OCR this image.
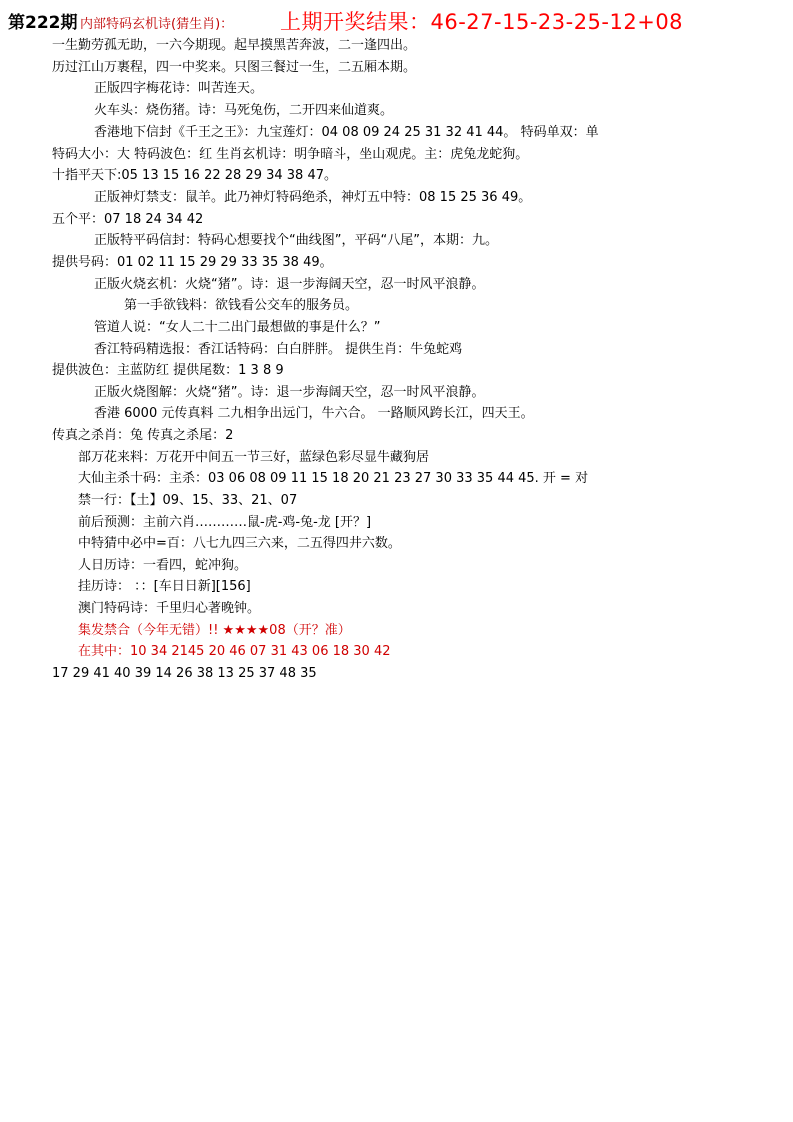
第222期 内部特码玄机诗(猜生肖)： 上期开奖结果：46-27-15-23-25-12+08
一生勤劳孤无助，一六今期现。起早摸黑苦奔波，二一逢四出。
历过江山万裹程，四一中奖来。只图三餐过一生，二五厢本期。
正版四字梅花诗：叫苦连天。
火车头：烧伤猪。诗：马死兔伤，二开四来仙道爽。
香港地下信封《千王之王》：九宝莲灯：04 08 09 24 25 31 32 41 44。 特码单双：单
特码大小：大 特码波色：红 生肖玄机诗：明争暗斗，坐山观虎。主：虎兔龙蛇狗。
十指平天下:05 13 15 16 22 28 29 34 38 47。
正版神灯禁支：鼠羊。此乃神灯特码绝杀，神灯五中特：08 15 25 36 49。
五个平：07 18 24 34 42
正版特平码信封：特码心想要找个“曲线图”，平码“八尾”，本期：九。
提供号码：01 02 11 15 29 29 33 35 38 49。
正版火烧玄机：火烧“猪”。诗：退一步海阔天空，忍一时风平浪静。
第一手欲钱料：欲钱看公交车的服务员。
管道人说：“女人二十二出门最想做的事是什么？”
香江特码精选报：香江话特码：白白胖胖。 提供生肖：牛兔蛇鸡
提供波色：主蓝防红 提供尾数：1 3 8 9
正版火烧图解：火烧“猪”。诗：退一步海阔天空，忍一时风平浪静。
香港 6000 元传真料 二九相争出远门，牛六合。 一路顺风跨长江，四天王。
传真之杀肖：兔 传真之杀尾：2
部万花来料：万花开中间五一节三好，蓝绿色彩尽显牛藏狗居
大仙主杀十码：主杀：03 06 08 09 11 15 18 20 21 23 27 30 33 35 44 45. 开 = 对
禁一行：【土】09、15、33、21、07
前后预测：主前六肖…………鼠-虎-鸡-兔-龙 [开？]
中特猜中必中=百：八七九四三六来，二五得四井六数。
人日历诗：一看四，蛇冲狗。
挂历诗： ：：[车日日新][156]
澳门特码诗：千里归心著晚钟。
集发禁合（今年无错）!! ★★★★08（开？准）
在其中：10 34 2145 20 46 07 31 43 06 18 30 42
17 29 41 40 39 14 26 38 13 25 37 48 35
